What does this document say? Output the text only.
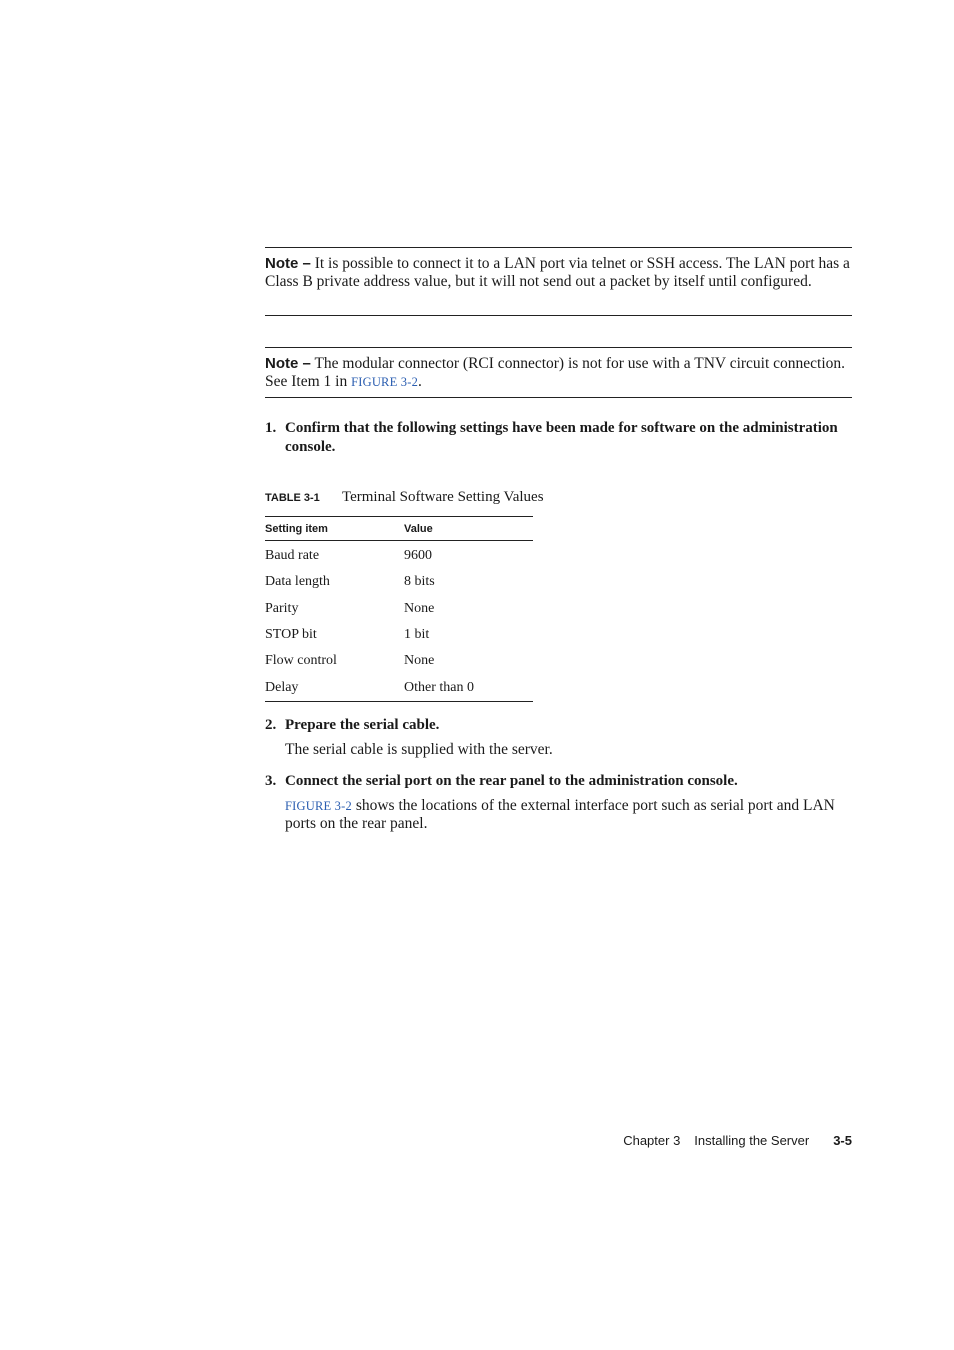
Note – It is possible to connect it to a LAN port via telnet or SSH access. The LAN port has a Class B private address value, but it will not send out a packet by itself until configured.
Note – The modular connector (RCI connector) is not for use with a TNV circuit connection. See Item 1 in FIGURE 3-2.
1. Confirm that the following settings have been made for software on the administration console.
TABLE 3-1 Terminal Software Setting Values
Setting item	Value
Baud rate	9600
Data length	8 bits
Parity	None
STOP bit	1 bit
Flow control	None
Delay	Other than 0
2. Prepare the serial cable.
The serial cable is supplied with the server.
3. Connect the serial port on the rear panel to the administration console.
FIGURE 3-2 shows the locations of the external interface port such as serial port and LAN ports on the rear panel.
Chapter 3 Installing the Server 3-5
